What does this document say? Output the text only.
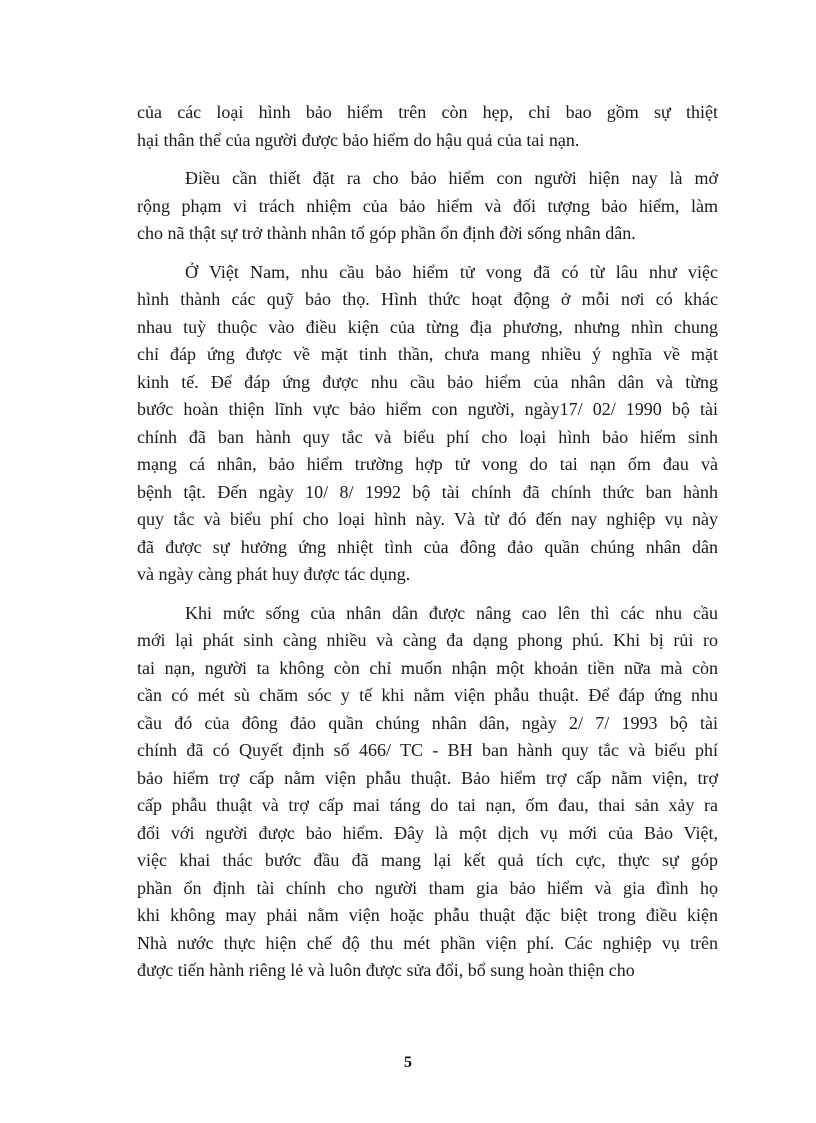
của các loại hình bảo hiểm trên còn hẹp, chỉ bao gồm sự thiệt
hại thân thể của người được bảo hiểm do hậu quả của tai nạn.
Điều cần thiết đặt ra cho bảo hiểm con người hiện nay là mở
rộng phạm vi trách nhiệm của bảo hiểm và đối tượng bảo hiểm, làm
cho nã thật sự trở thành nhân tố góp phần ổn định đời sống nhân dân.
Ở Việt Nam, nhu cầu bảo hiểm tử vong đã có từ lâu như việc
hình thành các quỹ bảo thọ. Hình thức hoạt động ở mỗi nơi có khác
nhau tuỳ thuộc vào điều kiện của từng địa phương, nhưng nhìn chung
chỉ đáp ứng được về mặt tinh thần, chưa mang nhiều ý nghĩa về mặt
kinh tế. Để đáp ứng được nhu cầu bảo hiểm của nhân dân và từng
bước hoàn thiện lĩnh vực bảo hiểm con người, ngày17/ 02/ 1990 bộ tài
chính đã ban hành quy tắc và biểu phí cho loại hình bảo hiểm sinh
mạng cá nhân, bảo hiểm trường hợp tử vong do tai nạn ốm đau và
bệnh tật. Đến ngày 10/ 8/ 1992 bộ tài chính đã chính thức ban hành
quy tắc và biểu phí cho loại hình này. Và từ đó đến nay nghiệp vụ này
đã được sự hưởng ứng nhiệt tình của đông đảo quần chúng nhân dân
và ngày càng phát huy được tác dụng.
Khi mức sống của nhân dân được nâng cao lên thì các nhu cầu
mới lại phát sinh càng nhiều và càng đa dạng phong phú. Khi bị rủi ro
tai nạn, người ta không còn chỉ muốn nhận một khoản tiền nữa mà còn
cần có mét sù chăm sóc y tế khi nằm viện phẫu thuật. Để đáp ứng nhu
cầu đó của đông đảo quần chúng nhân dân, ngày 2/ 7/ 1993 bộ tài
chính đã có Quyết định số 466/ TC - BH ban hành quy tắc và biểu phí
bảo hiểm trợ cấp nằm viện phẫu thuật. Bảo hiểm trợ cấp nằm viện, trợ
cấp phẫu thuật và trợ cấp mai táng do tai nạn, ốm đau, thai sản xảy ra
đối với người được bảo hiểm. Đây là một dịch vụ mới của Bảo Việt,
việc khai thác bước đầu đã mang lại kết quả tích cực, thực sự góp
phần ổn định tài chính cho người tham gia bảo hiểm và gia đình họ
khi không may phải nằm viện hoặc phẫu thuật đặc biệt trong điều kiện
Nhà nước thực hiện chế độ thu mét phần viện phí. Các nghiệp vụ trên
được tiến hành riêng lẻ và luôn được sửa đổi, bổ sung hoàn thiện cho
5
